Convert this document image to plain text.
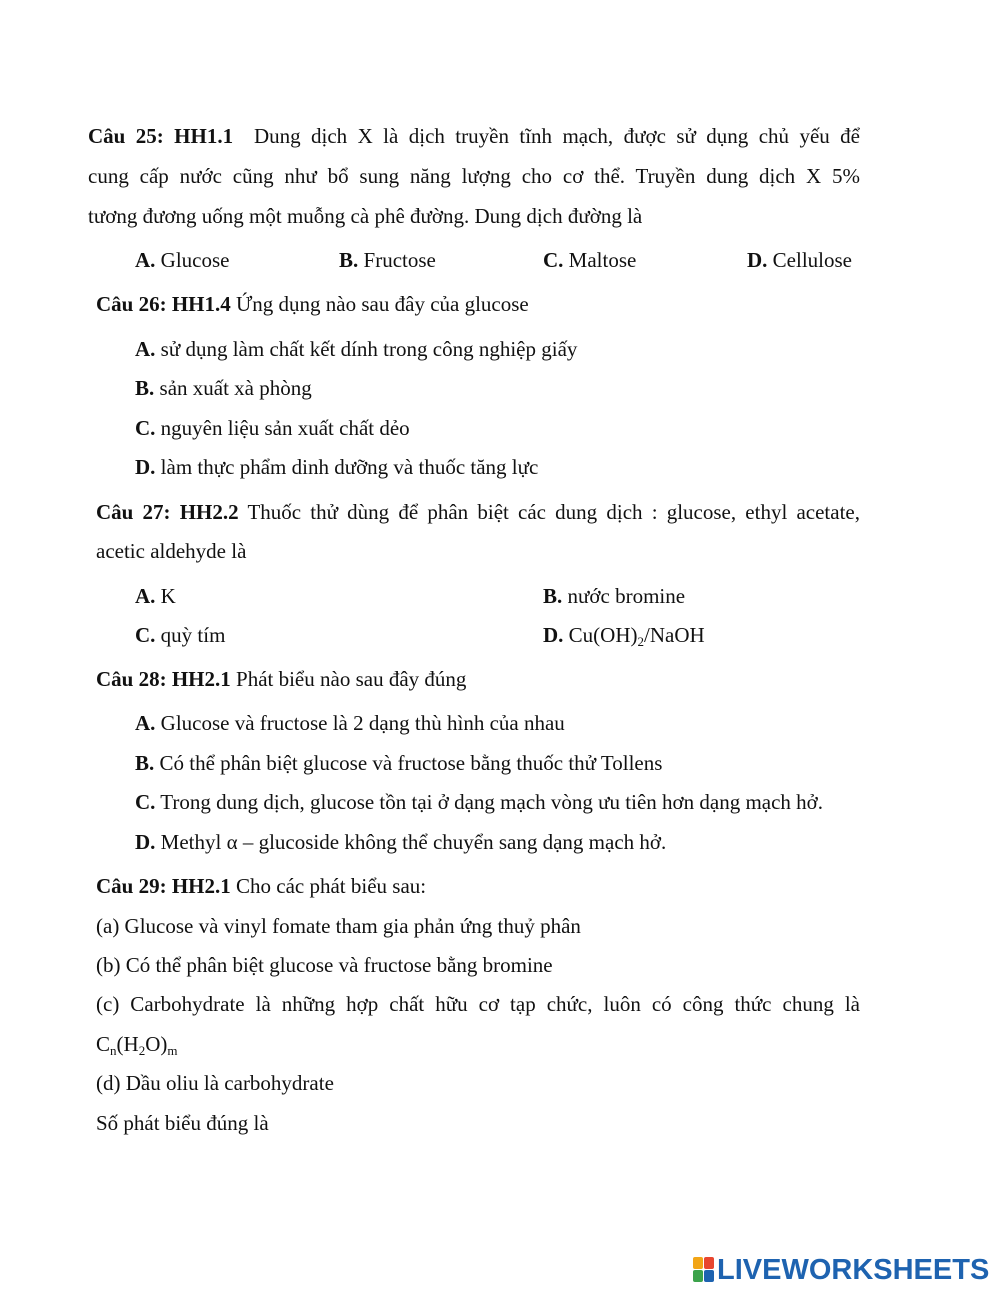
Câu 25: HH1.1 Dung dịch X là dịch truyền tĩnh mạch, được sử dụng chủ yếu để
cung cấp nước cũng như bổ sung năng lượng cho cơ thể. Truyền dung dịch X 5%
tương đương uống một muỗng cà phê đường. Dung dịch đường là
A. Glucose	B. Fructose	C. Maltose	D. Cellulose
Câu 26: HH1.4 Ứng dụng nào sau đây của glucose
A. sử dụng làm chất kết dính trong công nghiệp giấy
B. sản xuất xà phòng
C. nguyên liệu sản xuất chất dẻo
D. làm thực phẩm dinh dưỡng và thuốc tăng lực
Câu 27: HH2.2 Thuốc thử dùng để phân biệt các dung dịch : glucose, ethyl acetate,
acetic aldehyde là
A. K	B. nước bromine
C. quỳ tím	D. $Cu(OH)_2$/NaOH
Câu 28: HH2.1 Phát biểu nào sau đây đúng
A. Glucose và fructose là 2 dạng thù hình của nhau
B. Có thể phân biệt glucose và fructose bằng thuốc thử Tollens
C. Trong dung dịch, glucose tồn tại ở dạng mạch vòng ưu tiên hơn dạng mạch hở.
D. Methyl α – glucoside không thể chuyển sang dạng mạch hở.
Câu 29: HH2.1 Cho các phát biểu sau:
(a) Glucose và vinyl fomate tham gia phản ứng thuỷ phân
(b) Có thể phân biệt glucose và fructose bằng bromine
(c) Carbohydrate là những hợp chất hữu cơ tạp chức, luôn có công thức chung là
$C_n(H_2O)_m$
(d) Dầu oliu là carbohydrate
Số phát biểu đúng là
LIVEWORKSHEETS
